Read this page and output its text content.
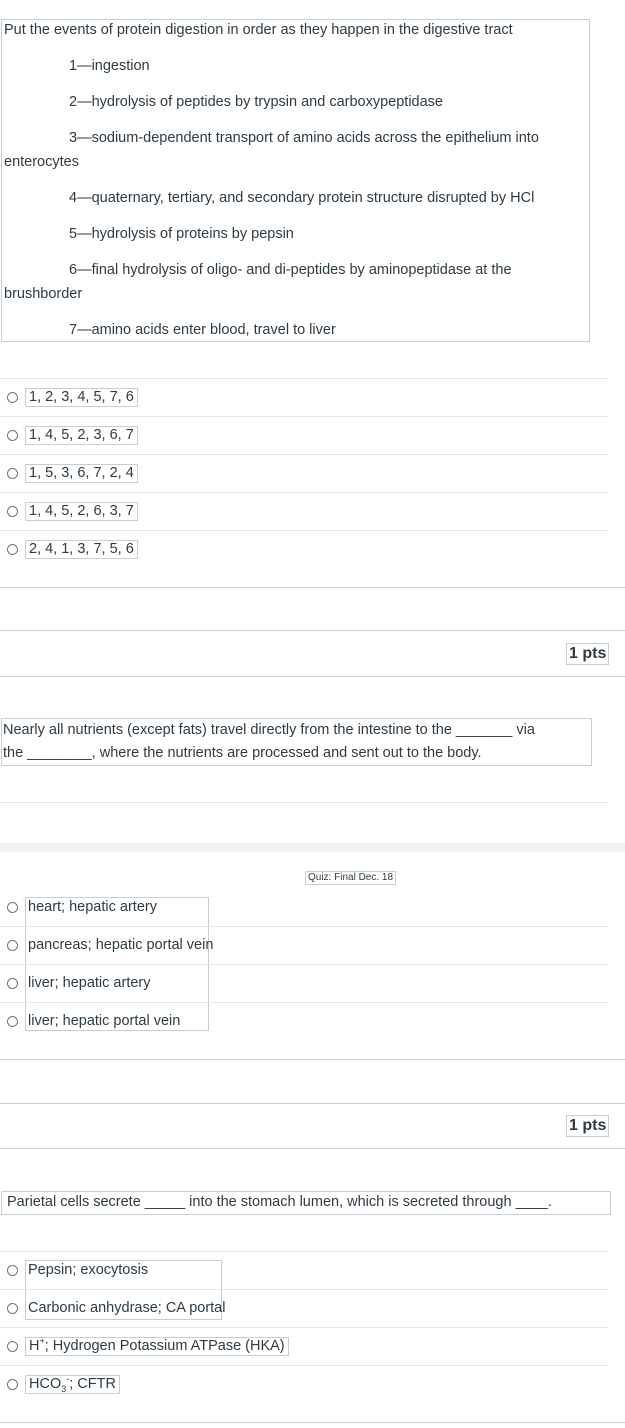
Put the events of protein digestion in order as they happen in the digestive tract
1—ingestion
2—hydrolysis of peptides by trypsin and carboxypeptidase
3—sodium-dependent transport of amino acids across the epithelium into
enterocytes
4—quaternary, tertiary, and secondary protein structure disrupted by HCl
5—hydrolysis of proteins by pepsin
6—final hydrolysis of oligo- and di-peptides by aminopeptidase at the
brushborder
7—amino acids enter blood, travel to liver
1, 2, 3, 4, 5, 7, 6
1, 4, 5, 2, 3, 6, 7
1, 5, 3, 6, 7, 2, 4
1, 4, 5, 2, 6, 3, 7
2, 4, 1, 3, 7, 5, 6
1 pts
Nearly all nutrients (except fats) travel directly from the intestine to the _______ via
the ________, where the nutrients are processed and sent out to the body.
Quiz: Final Dec. 18
heart; hepatic artery
pancreas; hepatic portal vein
liver; hepatic artery
liver; hepatic portal vein
1 pts
Parietal cells secrete _____ into the stomach lumen, which is secreted through ____.
Pepsin; exocytosis
Carbonic anhydrase; CA portal
H+; Hydrogen Potassium ATPase (HKA)
$HCO_3^-$; CFTR
